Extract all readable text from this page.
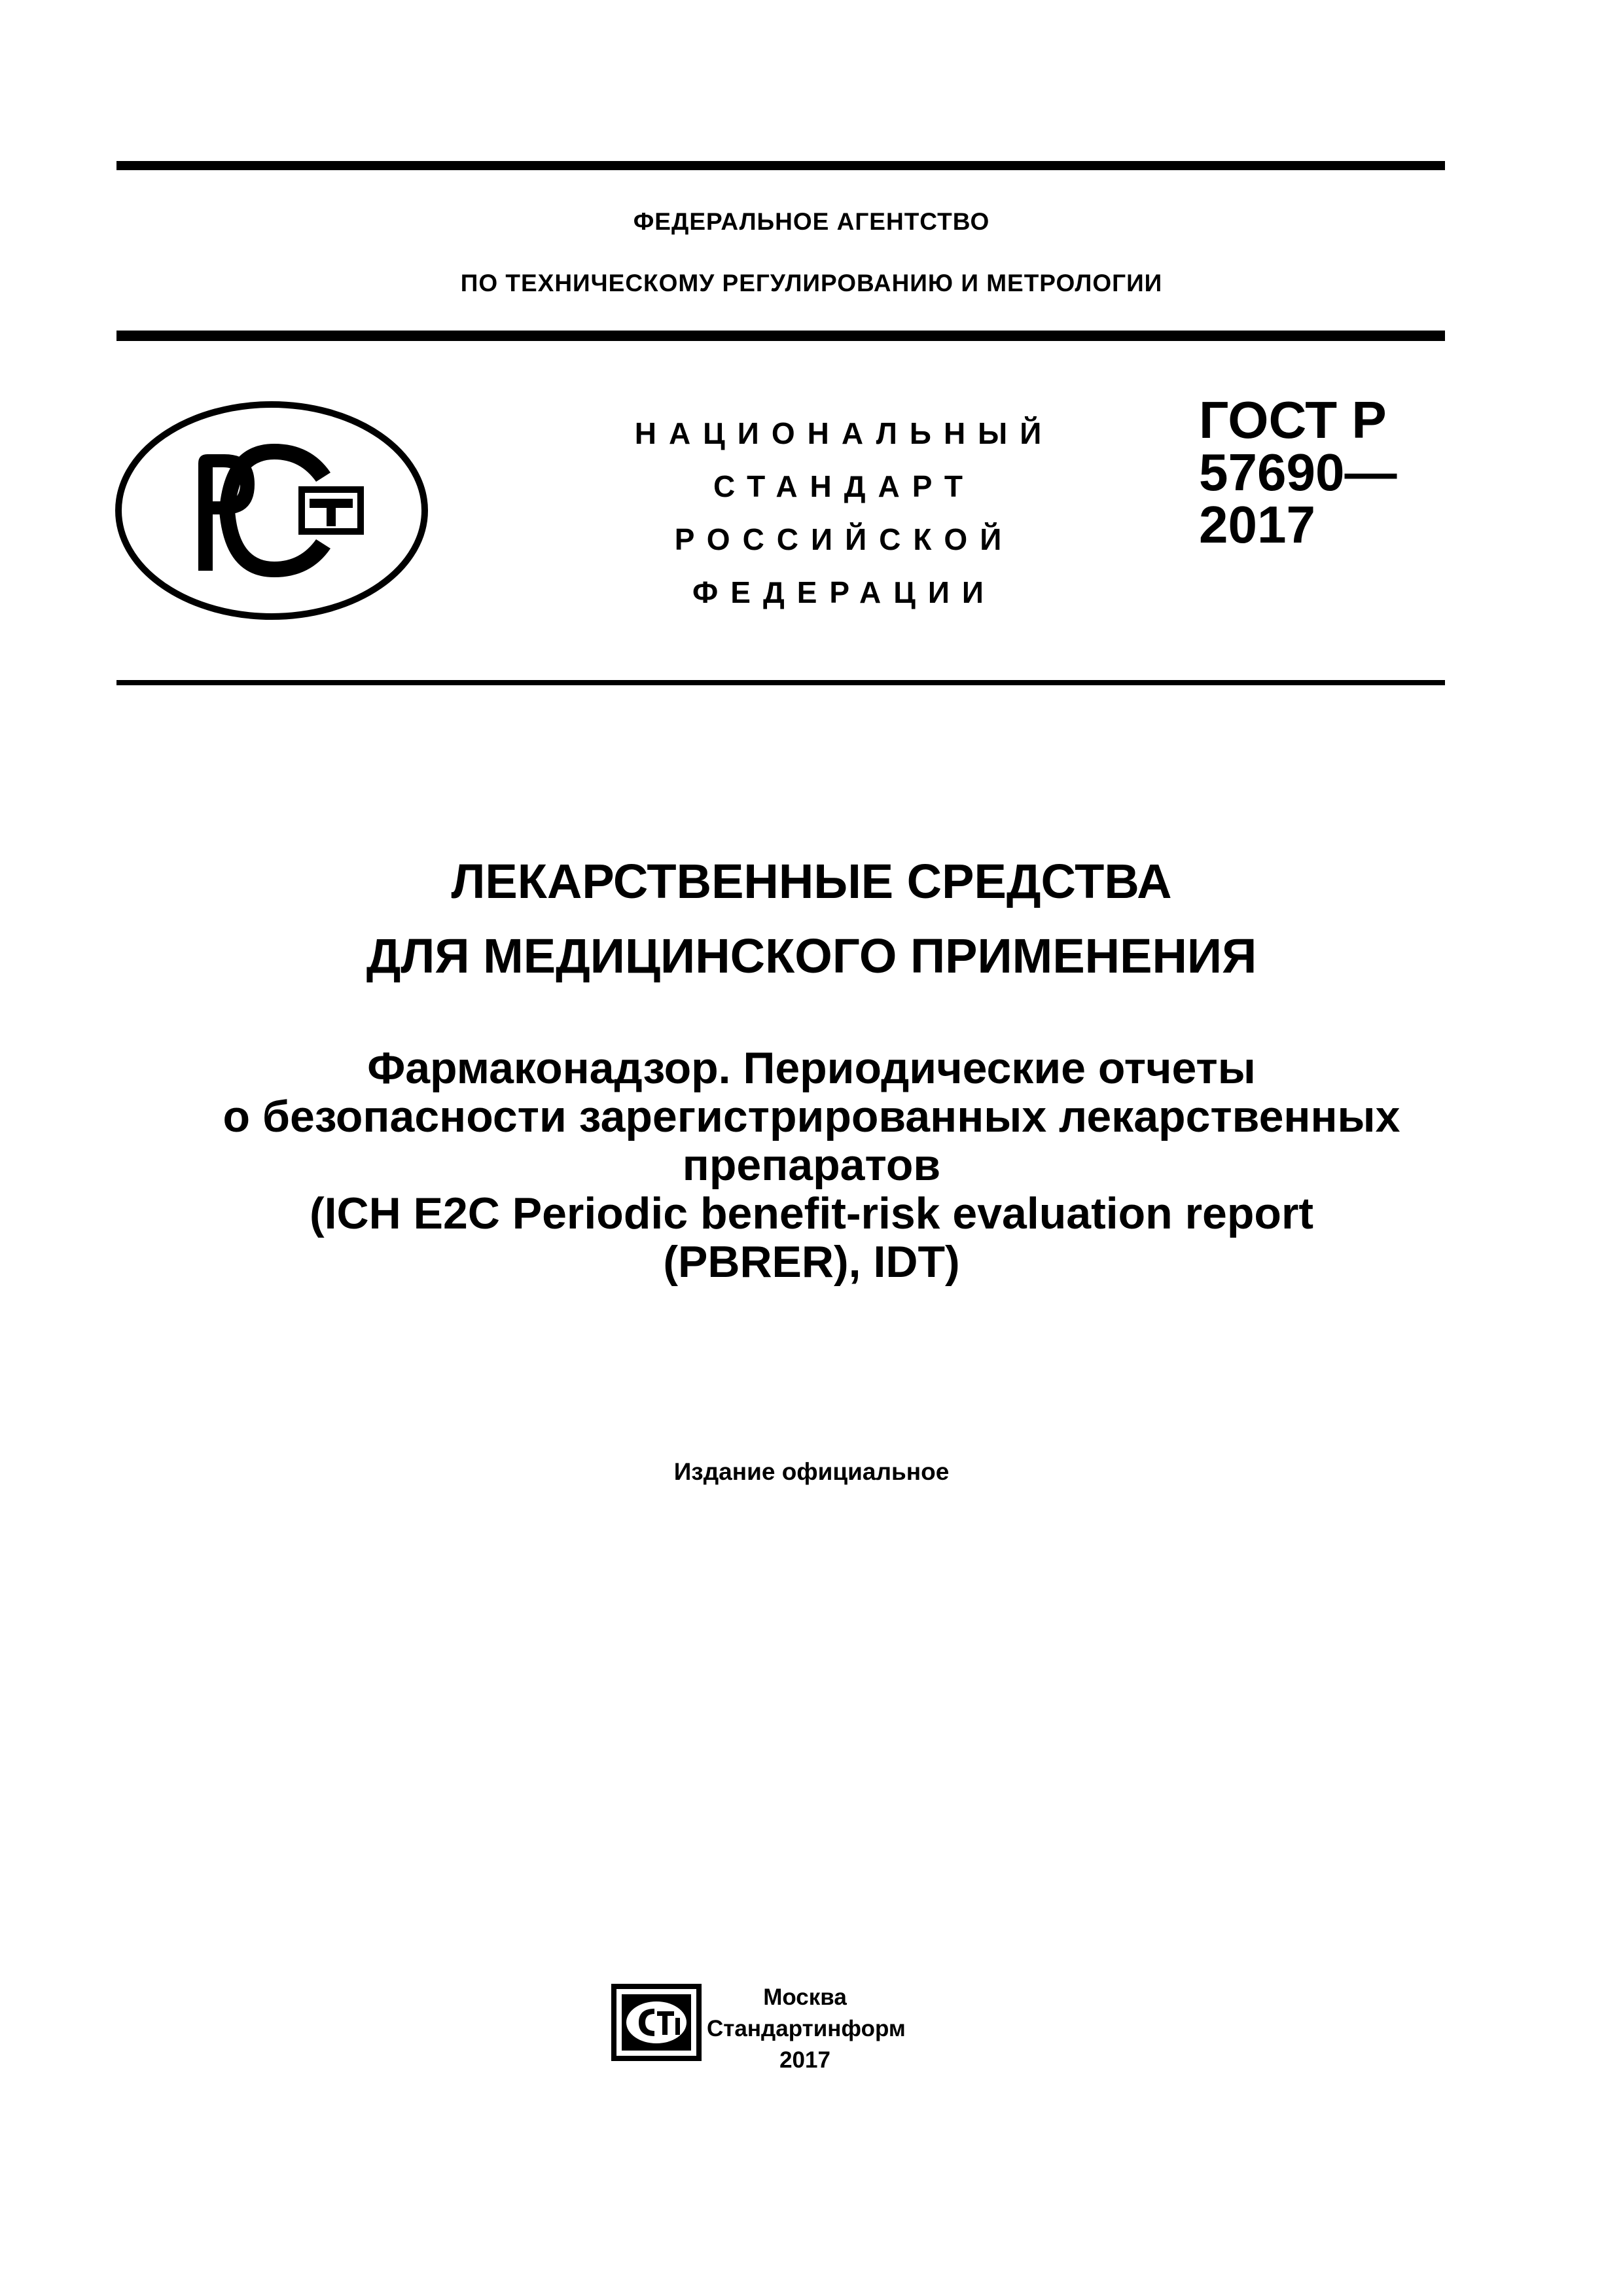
ФЕДЕРАЛЬНОЕ АГЕНТСТВО
ПО ТЕХНИЧЕСКОМУ РЕГУЛИРОВАНИЮ И МЕТРОЛОГИИ
НАЦИОНАЛЬНЫЙ
СТАНДАРТ
РОССИЙСКОЙ
ФЕДЕРАЦИИ
ГОСТ Р
57690—
2017
ЛЕКАРСТВЕННЫЕ СРЕДСТВА
ДЛЯ МЕДИЦИНСКОГО ПРИМЕНЕНИЯ
Фармаконадзор. Периодические отчеты
о безопасности зарегистрированных лекарственных
препаратов
(ICH E2C Periodic benefit-risk evaluation report
(PBRER), IDT)
Издание официальное
Москва
Стандартинформ
2017
